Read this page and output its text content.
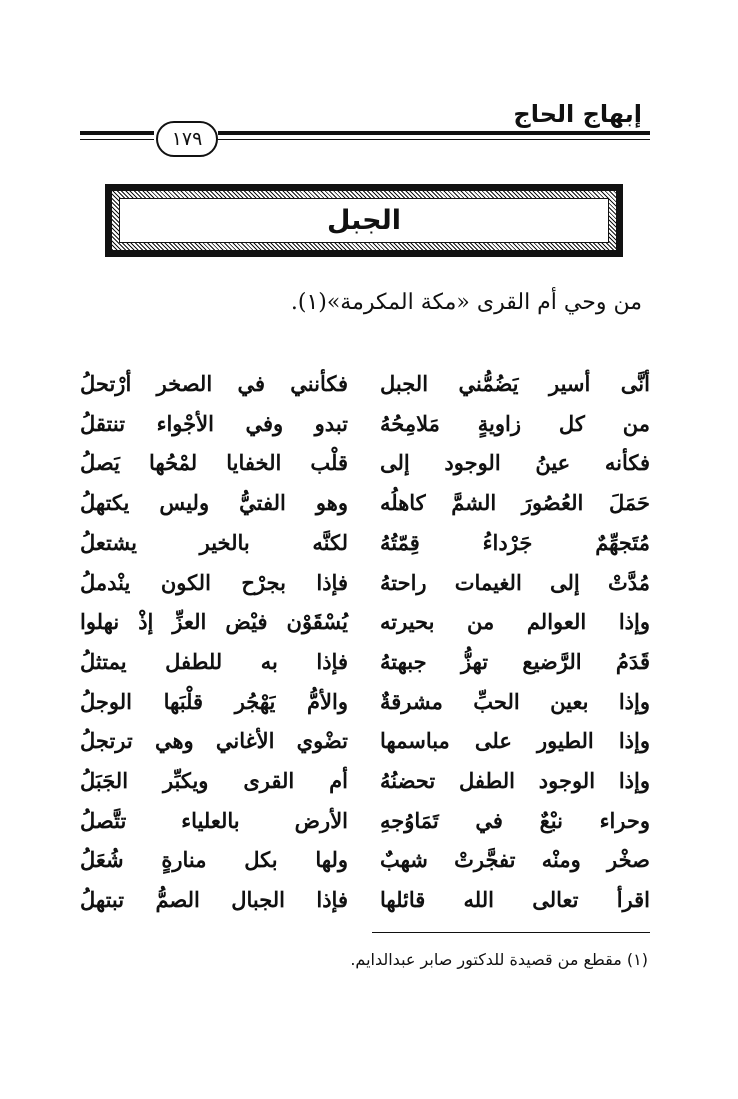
إبهاج الحاج
١٧٩
الجبل
من وحي أم القرى «مكة المكرمة»(١).
أنَّى أسير يَضُمُّني الجبل
فكأنني في الصخر أرْتحلُ
من كل زاويةٍ مَلامِحُهُ
تبدو وفي الأجْواء تنتقلُ
فكأنه عينُ الوجود إلى
قلْب الخفايا لمْحُها يَصلُ
حَمَلَ العُصُورَ الشمَّ كاهلُه
وهو الفتيُّ وليس يكتهلُ
مُتَجهِّمٌ جَرْداءُ قِمّتُهُ
لكنَّه بالخير يشتعلُ
مُدَّتْ إلى الغيمات راحتهُ
فإذا بجرْح الكون ينْدملُ
وإذا العوالم من بحيرته
يُسْقَوْن فيْض العزِّ إذْ نهلوا
قَدَمُ الرَّضيع تهزُّ جبهتهُ
فإذا به للطفل يمتثلُ
وإذا بعين الحبِّ مشرقةٌ
والأمُّ يَهْجُر قلْبَها الوجلُ
وإذا الطيور على مباسمها
تضْوي الأغاني وهي ترتجلُ
وإذا الوجود الطفل تحضنُهُ
أم القرى ويكبِّر الجَبَلُ
وحراء نبْعٌ في تَمَاوُجهِ
الأرض بالعلياء تتَّصلُ
صخْر ومنْه تفجَّرتْ شهبٌ
ولها بكل منارةٍ شُعَلُ
اقرأ تعالى الله قائلها
فإذا الجبال الصمُّ تبتهلُ
(١) مقطع من قصيدة للدكتور صابر عبدالدايم.
